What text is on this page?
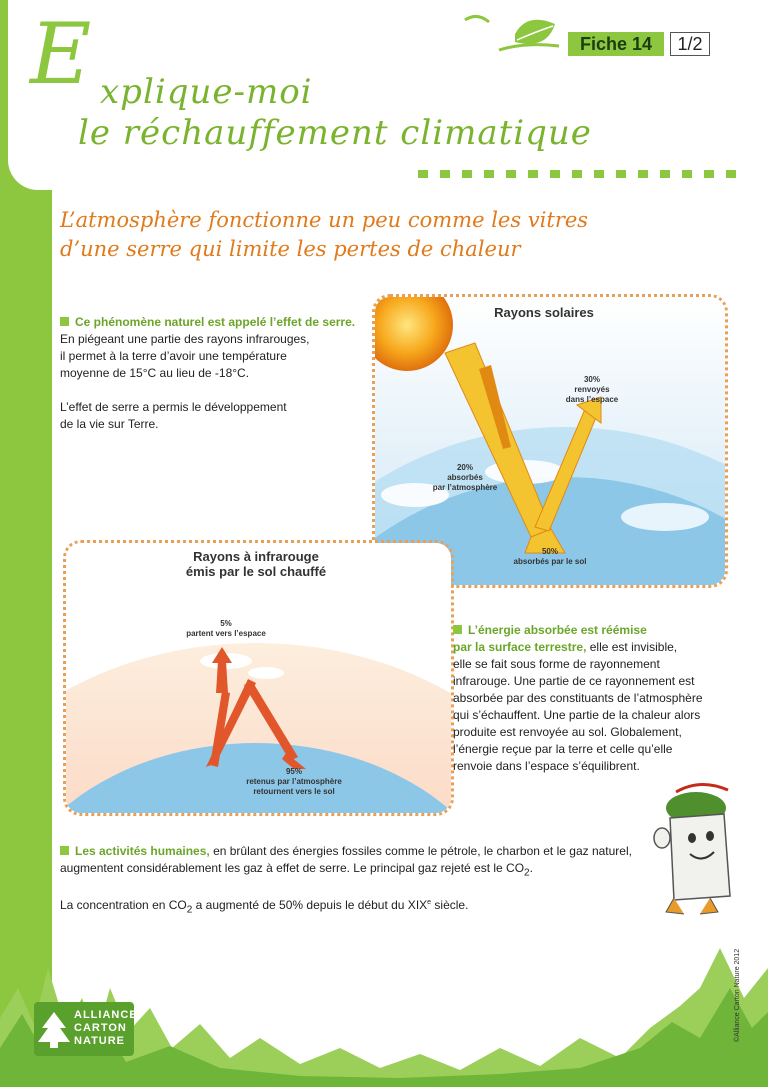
Fiche 14	1/2
E xplique-moi
le réchauffement climatique
L’atmosphère fonctionne un peu comme les vitres
d’une serre qui limite les pertes de chaleur
Ce phénomène naturel est appelé l’effet de serre.
En piégeant une partie des rayons infrarouges,
il permet à la terre d’avoir une température
moyenne de 15°C au lieu de -18°C.
L’effet de serre a permis le développement
de la vie sur Terre.
Rayons solaires
30%
renvoyés
dans l’espace
20%
absorbés
par l’atmosphère
50%
absorbés par le sol
Rayons à infrarouge
émis par le sol chauffé
5%
partent vers l’espace
95%
retenus par l’atmosphère
retournent vers le sol
L’énergie absorbée est réémise
par la surface terrestre, elle est invisible,
elle se fait sous forme de rayonnement
infrarouge. Une partie de ce rayonnement est
absorbée par des constituants de l’atmosphère
qui s’échauffent. Une partie de la chaleur alors
produite est renvoyée au sol. Globalement,
l’énergie reçue par la terre et celle qu’elle
renvoie dans l’espace s’équilibrent.
Les activités humaines, en brûlant des énergies fossiles comme le pétrole, le charbon et le gaz naturel,
augmentent considérablement les gaz à effet de serre. Le principal gaz rejeté est le $CO_2$.
La concentration en $CO_2$ a augmenté de 50% depuis le début du XIXe siècle.
ALLIANCE
CARTON
NATURE	©Alliance Carton Nature 2012
